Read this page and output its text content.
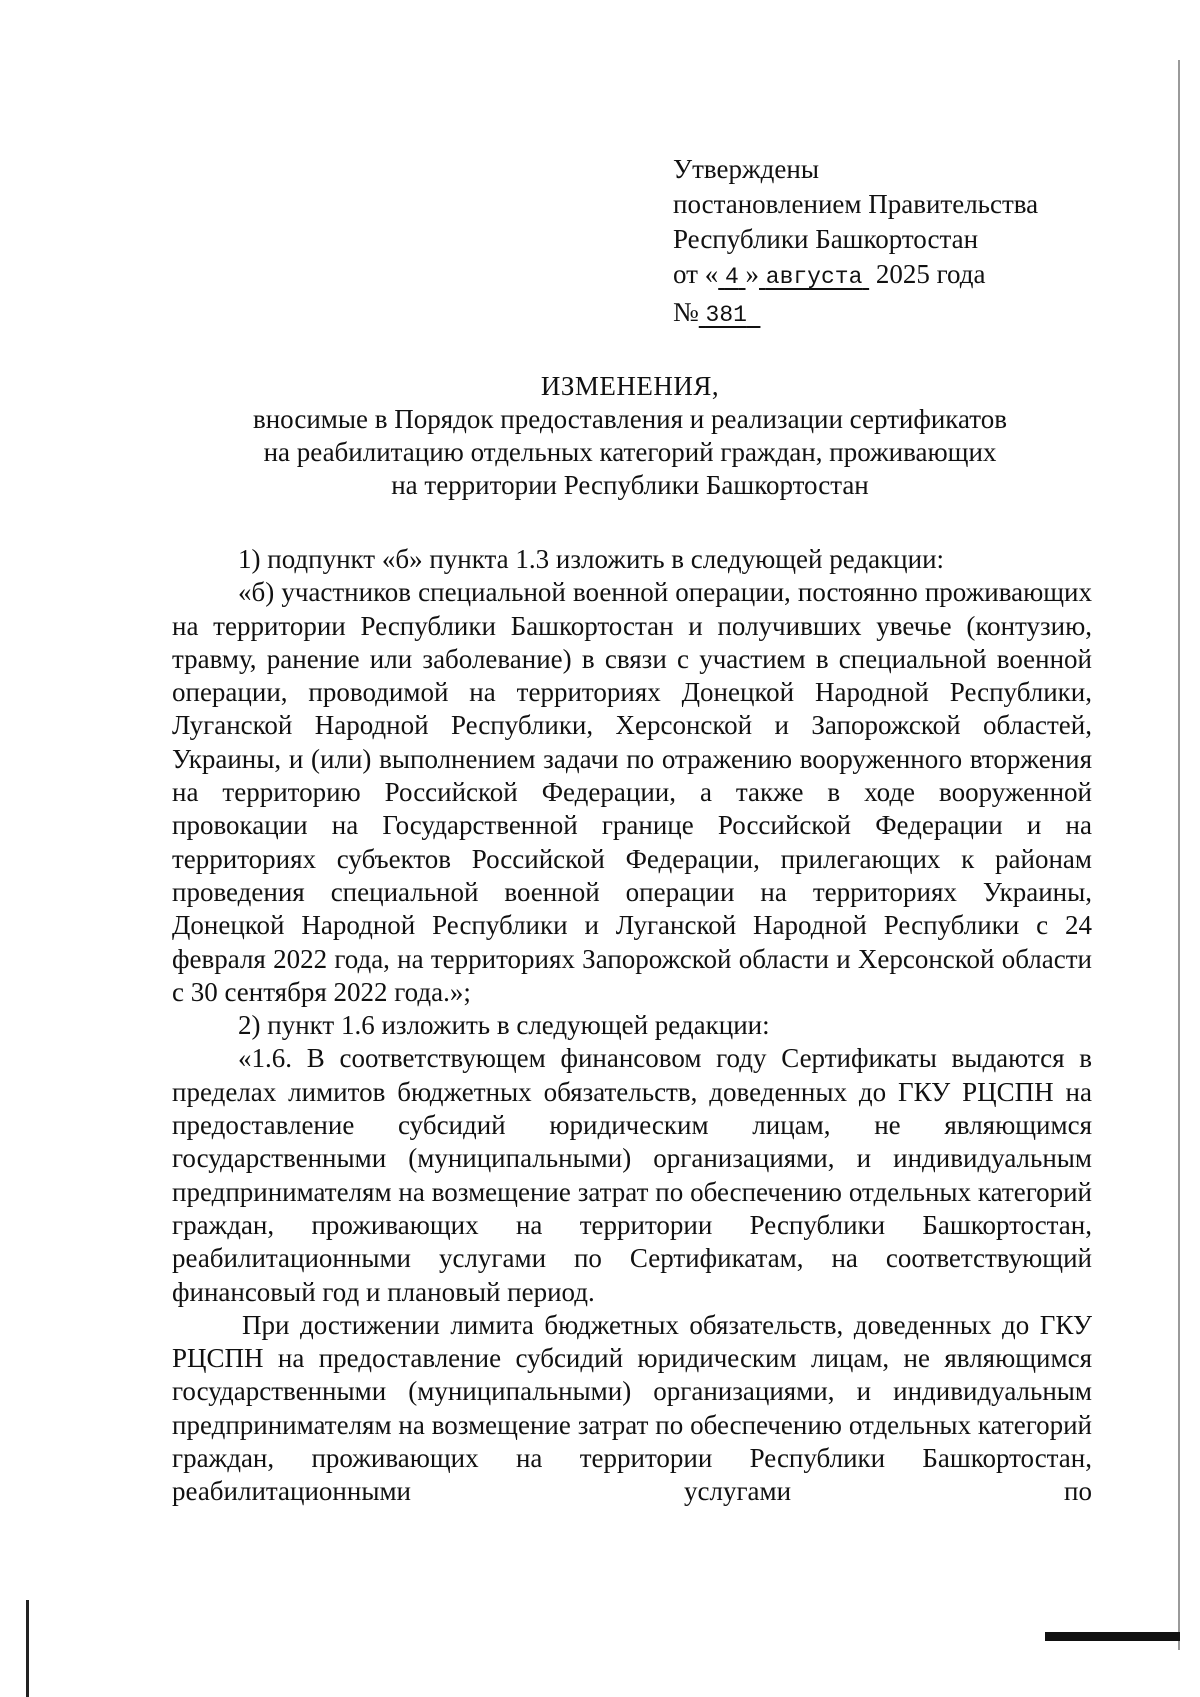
Утверждены
постановлением Правительства
Республики Башкортостан
от « 4 » августа 2025 года
№ 381
ИЗМЕНЕНИЯ,
вносимые в Порядок предоставления и реализации сертификатов
на реабилитацию отдельных категорий граждан, проживающих
на территории Республики Башкортостан

1) подпункт «б» пункта 1.3 изложить в следующей редакции:

«б) участников специальной военной операции, постоянно проживающих на территории Республики Башкортостан и получивших увечье (контузию, травму, ранение или заболевание) в связи с участием в специальной военной операции, проводимой на территориях Донецкой Народной Республики, Луганской Народной Республики, Херсонской и Запорожской областей, Украины, и (или) выполнением задачи по отражению вооруженного вторжения на территорию Российской Федерации, а также в ходе вооруженной провокации на Государственной границе Российской Федерации и на территориях субъектов Российской Федерации, прилегающих к районам проведения специальной военной операции на территориях Украины, Донецкой Народной Республики и Луганской Народной Республики с 24 февраля 2022 года, на территориях Запорожской области и Херсонской области с 30 сентября 2022 года.»;

2) пункт 1.6 изложить в следующей редакции:

«1.6. В соответствующем финансовом году Сертификаты выдаются в пределах лимитов бюджетных обязательств, доведенных до ГКУ РЦСПН на предоставление субсидий юридическим лицам, не являющимся государственными (муниципальными) организациями, и индивидуальным предпринимателям на возмещение затрат по обеспечению отдельных категорий граждан, проживающих на территории Республики Башкортостан, реабилитационными услугами по Сертификатам, на соответствующий финансовый год и плановый период.

При достижении лимита бюджетных обязательств, доведенных до ГКУ РЦСПН на предоставление субсидий юридическим лицам, не являющимся государственными (муниципальными) организациями, и индивидуальным предпринимателям на возмещение затрат по обеспечению отдельных категорий граждан, проживающих на территории Республики Башкортостан, реабилитационными услугами по
